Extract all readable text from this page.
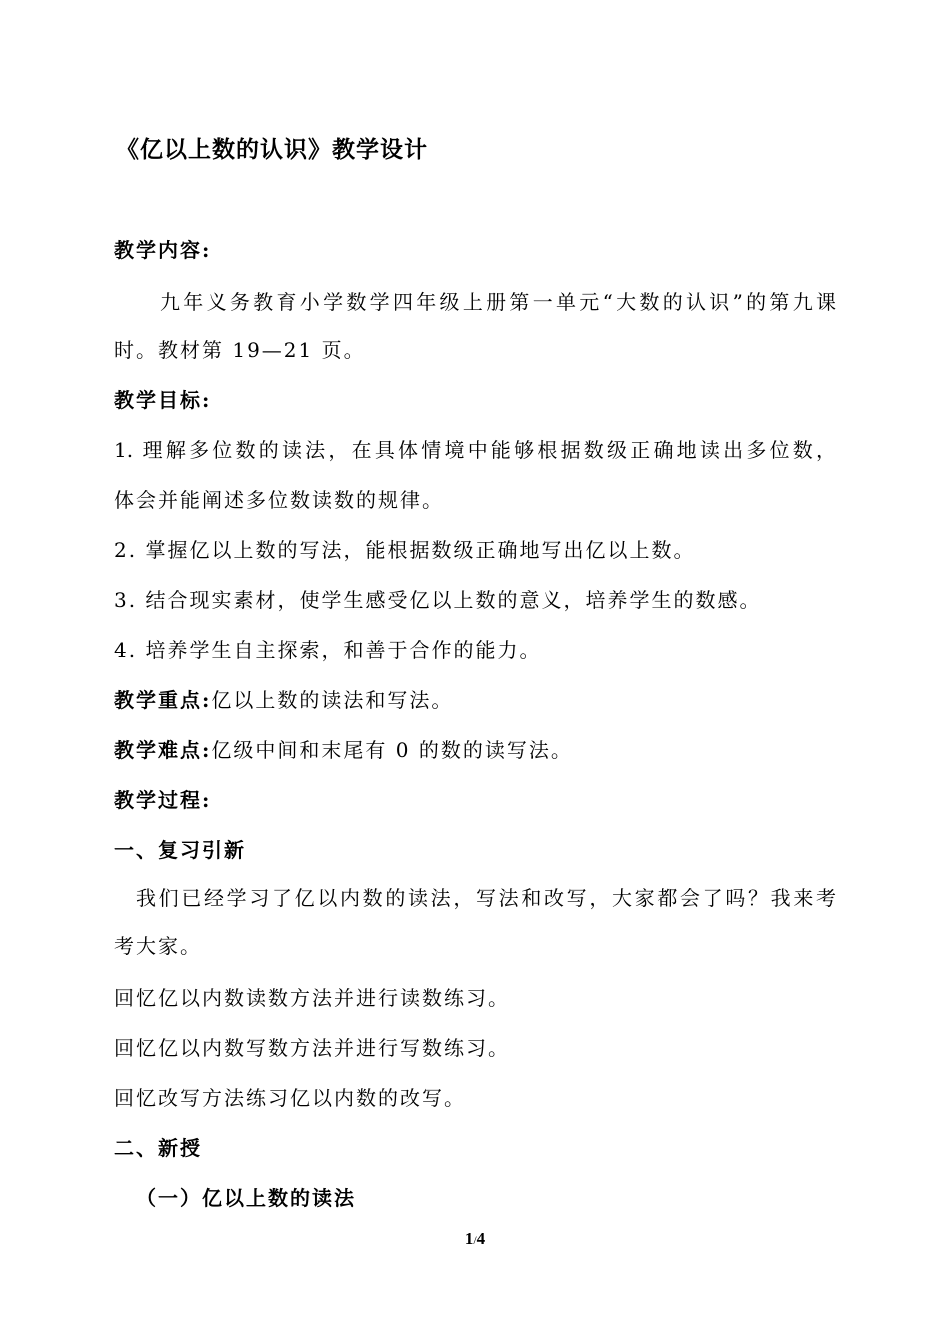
《亿以上数的认识》教学设计
教学内容:
九年义务教育小学数学四年级上册第一单元“大数的认识”的第九课
时。教材第 19—21 页。
教学目标:
1. 理解多位数的读法，在具体情境中能够根据数级正确地读出多位数，
体会并能阐述多位数读数的规律。
2. 掌握亿以上数的写法，能根据数级正确地写出亿以上数。
3. 结合现实素材，使学生感受亿以上数的意义，培养学生的数感。
4. 培养学生自主探索，和善于合作的能力。
教学重点:亿以上数的读法和写法。
教学难点:亿级中间和末尾有 0 的数的读写法。
教学过程:
一、复习引新
我们已经学习了亿以内数的读法，写法和改写，大家都会了吗？我来考
考大家。
回忆亿以内数读数方法并进行读数练习。
回忆亿以内数写数方法并进行写数练习。
回忆改写方法练习亿以内数的改写。
二、新授
（一）亿以上数的读法
1/4
